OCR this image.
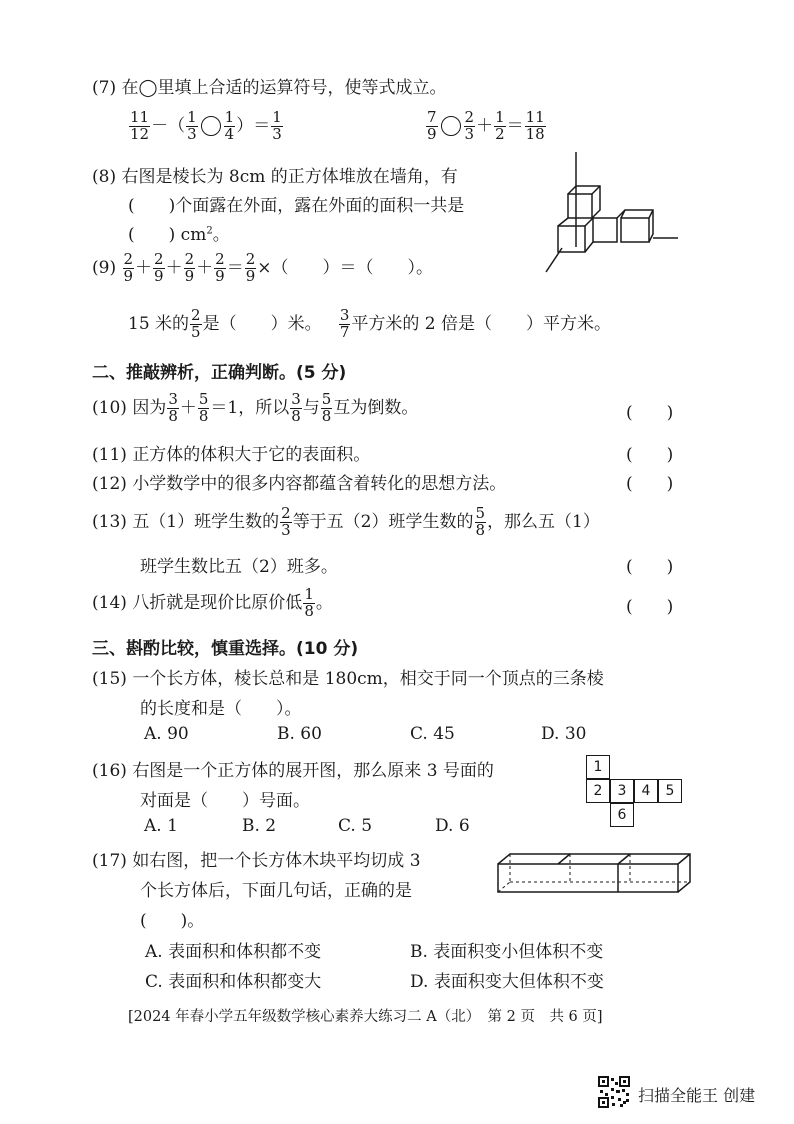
(7) 在◯里填上合适的运算符号，使等式成立。
$\frac{11}{12}$ －（ $\frac{1}{3} \frac{1}{4}$ ）＝ $\frac{1}{3}$	$\frac{7}{9} \frac{2}{3} + \frac{1}{2} = \frac{11}{18}$
(8) 右图是棱长为 8cm 的正方体堆放在墙角，有
(　　)个面露在外面，露在外面的面积一共是
(　　) $cm^2$。
$(9) \frac{2}{9} + \frac{2}{9} + \frac{2}{9} + \frac{2}{9} = \frac{2}{9}$ ×（　　）＝（　　）。
15 米的 $\frac{2}{5}$ 是（　　）米。 $\frac{3}{7}$ 平方米的 2 倍是（　　）平方米。
二、推敲辨析，正确判断。(5 分)
(10) 因为 $\frac{3}{8} + \frac{5}{8} =1$，所以 $\frac{3}{8}$ 与 $\frac{5}{8}$ 互为倒数。	(　　)
(11) 正方体的体积大于它的表面积。	(　　)
(12) 小学数学中的很多内容都蕴含着转化的思想方法。	(　　)
(13) 五（1）班学生数的 $\frac{2}{3}$ 等于五（2）班学生数的 $\frac{5}{8}$ ，那么五（1）
班学生数比五（2）班多。	(　　)
(14) 八折就是现价比原价低 $\frac{1}{8}$ 。	(　　)
三、斟酌比较，慎重选择。(10 分)
(15) 一个长方体，棱长总和是 180cm，相交于同一个顶点的三条棱
的长度和是（　　）。
A. 90	B. 60	C. 45	D. 30
(16) 右图是一个正方体的展开图，那么原来 3 号面的
对面是（　　）号面。
A. 1	B. 2	C. 5	D. 6
1
2	3	4	5
6
(17) 如右图，把一个长方体木块平均切成 3
个长方体后，下面几句话，正确的是
(　　)。
A. 表面积和体积都不变	B. 表面积变小但体积不变
C. 表面积和体积都变大	D. 表面积变大但体积不变
[2024 年春小学五年级数学核心素养大练习二 A（北）　第 2 页　共 6 页]
扫描全能王 创建
